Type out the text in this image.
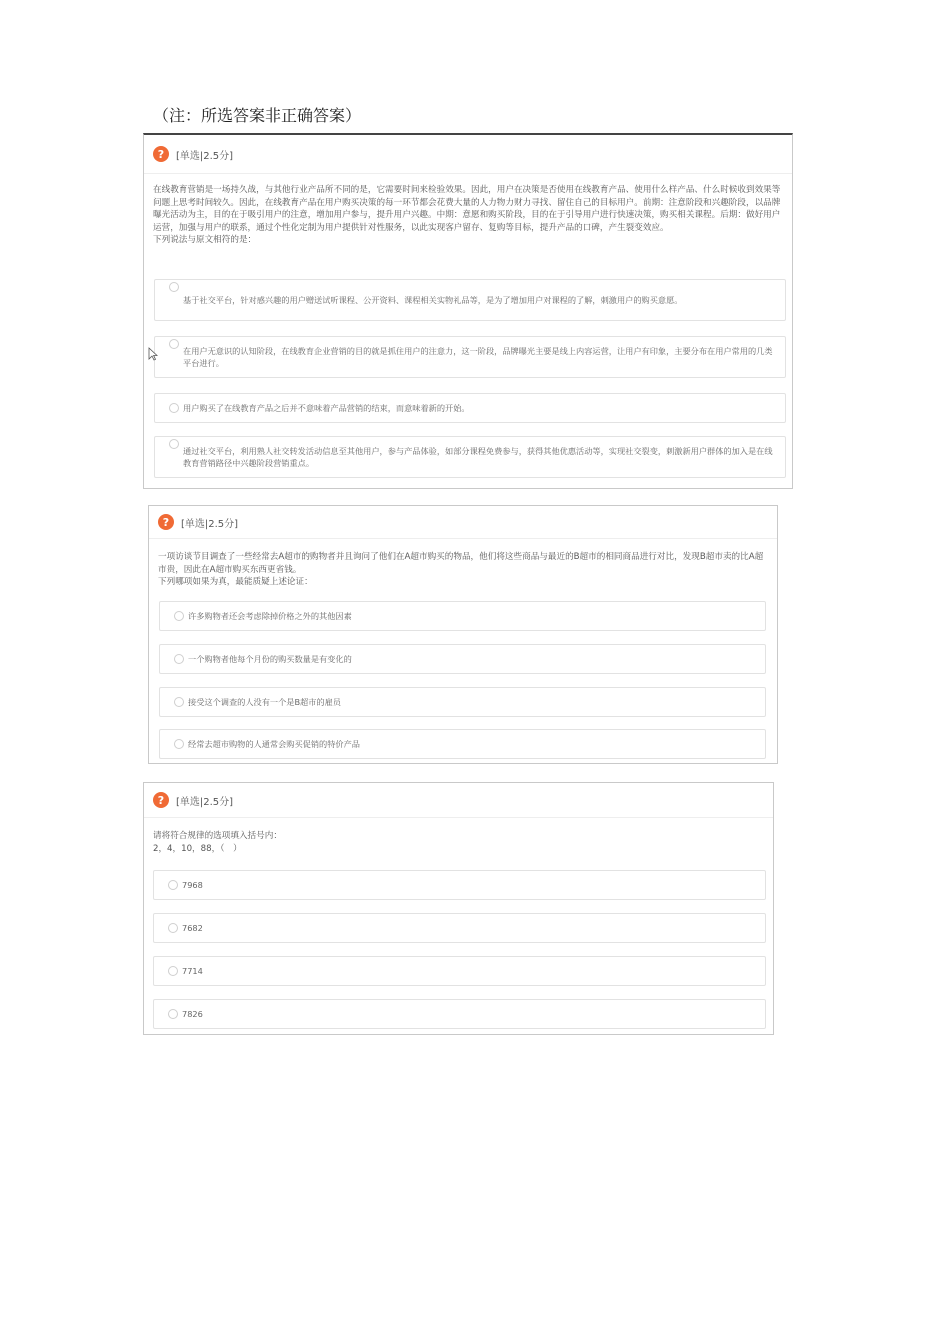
（注：所选答案非正确答案）
?	[单选|2.5分]
在线教育营销是一场持久战，与其他行业产品所不同的是，它需要时间来检验效果。因此，用户在决策是否使用在线教育产品、使用什么样产品、什么时候收到效果等问题上思考时间较久。因此，在线教育产品在用户购买决策的每一环节都会花费大量的人力物力财力寻找、留住自己的目标用户。前期：注意阶段和兴趣阶段，以品牌曝光活动为主，目的在于吸引用户的注意，增加用户参与，提升用户兴趣。中期：意愿和购买阶段，目的在于引导用户进行快速决策，购买相关课程。后期：做好用户运营，加强与用户的联系，通过个性化定制为用户提供针对性服务，以此实现客户留存、复购等目标，提升产品的口碑，产生裂变效应。
下列说法与原文相符的是：
基于社交平台，针对感兴趣的用户赠送试听课程、公开资料、课程相关实物礼品等，是为了增加用户对课程的了解，刺激用户的购买意愿。
在用户无意识的认知阶段，在线教育企业营销的目的就是抓住用户的注意力，这一阶段，品牌曝光主要是线上内容运营，让用户有印象，主要分布在用户常用的几类平台进行。
用户购买了在线教育产品之后并不意味着产品营销的结束，而意味着新的开始。
通过社交平台，利用熟人社交转发活动信息至其他用户，参与产品体验，如部分课程免费参与，获得其他优惠活动等，实现社交裂变，刺激新用户群体的加入是在线教育营销路径中兴趣阶段营销重点。
?	[单选|2.5分]
一项访谈节目调查了一些经常去A超市的购物者并且询问了他们在A超市购买的物品，他们将这些商品与最近的B超市的相同商品进行对比，发现B超市卖的比A超市贵，因此在A超市购买东西更省钱。
下列哪项如果为真，最能质疑上述论证：
许多购物者还会考虑除掉价格之外的其他因素
一个购物者他每个月份的购买数量是有变化的
接受这个调查的人没有一个是B超市的雇员
经常去超市购物的人通常会购买促销的特价产品
?	[单选|2.5分]
请将符合规律的选项填入括号内：
2，4，10，88，（　）
7968
7682
7714
7826
